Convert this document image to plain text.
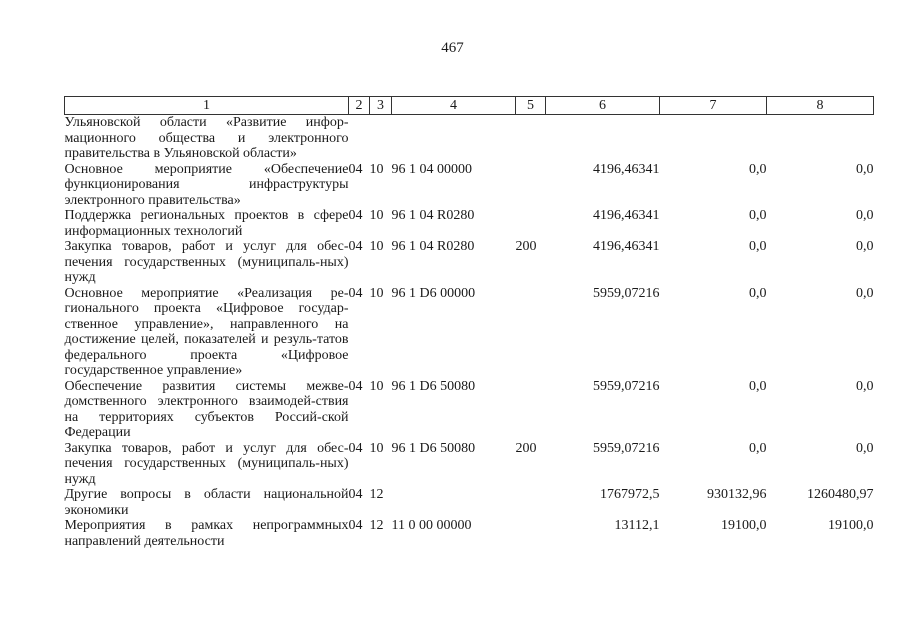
467
1	2	3	4	5	6	7	8
Ульяновской области «Развитие инфор-мационного общества и электронного правительства в Ульяновской области»							
Основное мероприятие «Обеспечение функционирования инфраструктуры электронного правительства»	04	10	96 1 04 00000		4196,46341	0,0	0,0
Поддержка региональных проектов в сфере информационных технологий	04	10	96 1 04 R0280		4196,46341	0,0	0,0
Закупка товаров, работ и услуг для обес-печения государственных (муниципаль-ных) нужд	04	10	96 1 04 R0280	200	4196,46341	0,0	0,0
Основное мероприятие «Реализация ре-гионального проекта «Цифровое государ-ственное управление», направленного на достижение целей, показателей и резуль-татов федерального проекта «Цифровое государственное управление»	04	10	96 1 D6 00000		5959,07216	0,0	0,0
Обеспечение развития системы межве-домственного электронного взаимодей-ствия на территориях субъектов Россий-ской Федерации	04	10	96 1 D6 50080		5959,07216	0,0	0,0
Закупка товаров, работ и услуг для обес-печения государственных (муниципаль-ных) нужд	04	10	96 1 D6 50080	200	5959,07216	0,0	0,0
Другие вопросы в области национальной экономики	04	12			1767972,5	930132,96	1260480,97
Мероприятия в рамках непрограммных направлений деятельности	04	12	11 0 00 00000		13112,1	19100,0	19100,0
